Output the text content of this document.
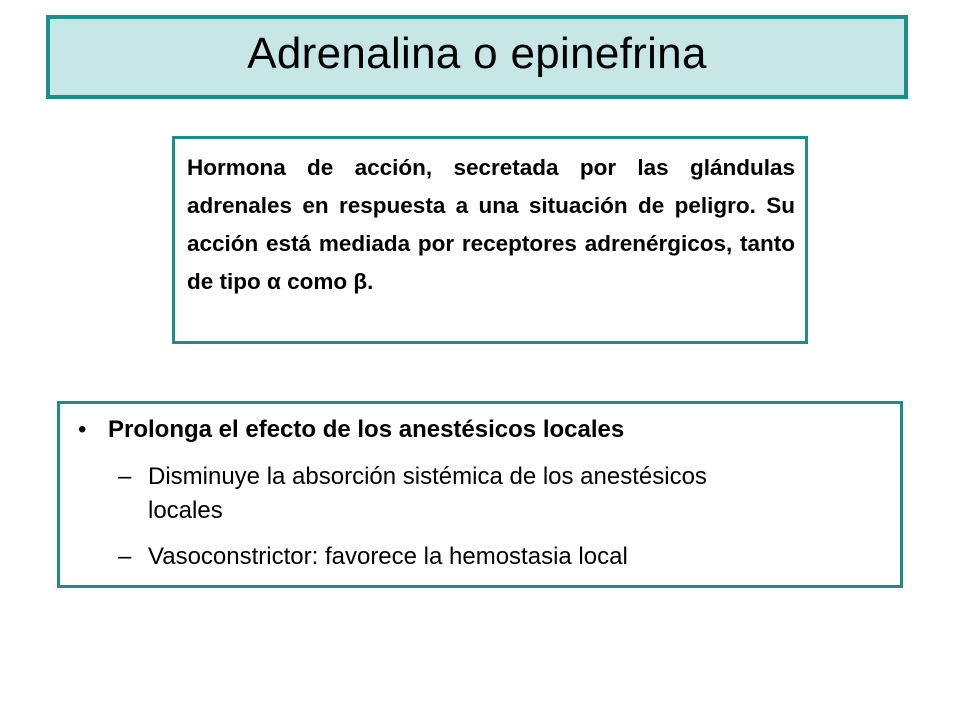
Adrenalina o epinefrina

Hormona de acción, secretada por las glándulas adrenales en respuesta a una situación de peligro. Su acción está mediada por receptores adrenérgicos, tanto de tipo α como β.

• Prolonga el efecto de los anestésicos locales
– Disminuye la absorción sistémica de los anestésicos locales
– Vasoconstrictor: favorece la hemostasia local
